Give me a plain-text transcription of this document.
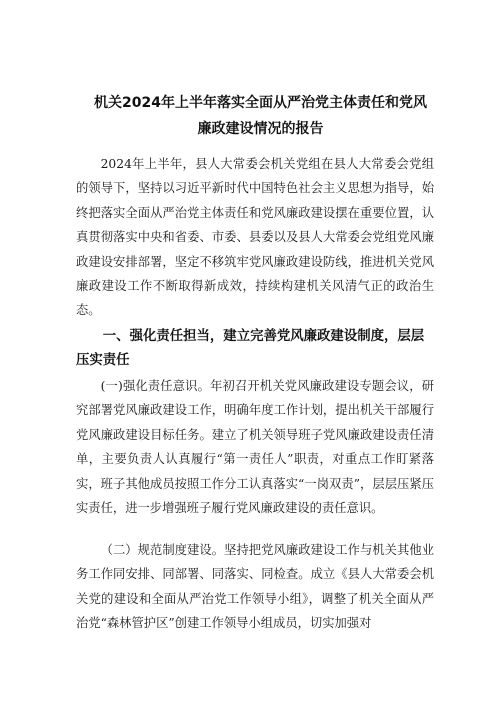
机关2024年上半年落实全面从严治党主体责任和党风廉政建设情况的报告

2024年上半年，县人大常委会机关党组在县人大常委会党组的领导下，坚持以习近平新时代中国特色社会主义思想为指导，始终把落实全面从严治党主体责任和党风廉政建设摆在重要位置，认真贯彻落实中央和省委、市委、县委以及县人大常委会党组党风廉政建设安排部署，坚定不移筑牢党风廉政建设防线，推进机关党风廉政建设工作不断取得新成效，持续构建机关风清气正的政治生态。

一、强化责任担当，建立完善党风廉政建设制度，层层压实责任

(一)强化责任意识。年初召开机关党风廉政建设专题会议，研究部署党风廉政建设工作，明确年度工作计划，提出机关干部履行党风廉政建设目标任务。建立了机关领导班子党风廉政建设责任清单，主要负责人认真履行“第一责任人”职责，对重点工作盯紧落实，班子其他成员按照工作分工认真落实“一岗双责”，层层压紧压实责任，进一步增强班子履行党风廉政建设的责任意识。

（二）规范制度建设。坚持把党风廉政建设工作与机关其他业务工作同安排、同部署、同落实、同检查。成立《县人大常委会机关党的建设和全面从严治党工作领导小组》，调整了机关全面从严治党“森林管护区”创建工作领导小组成员，切实加强对
